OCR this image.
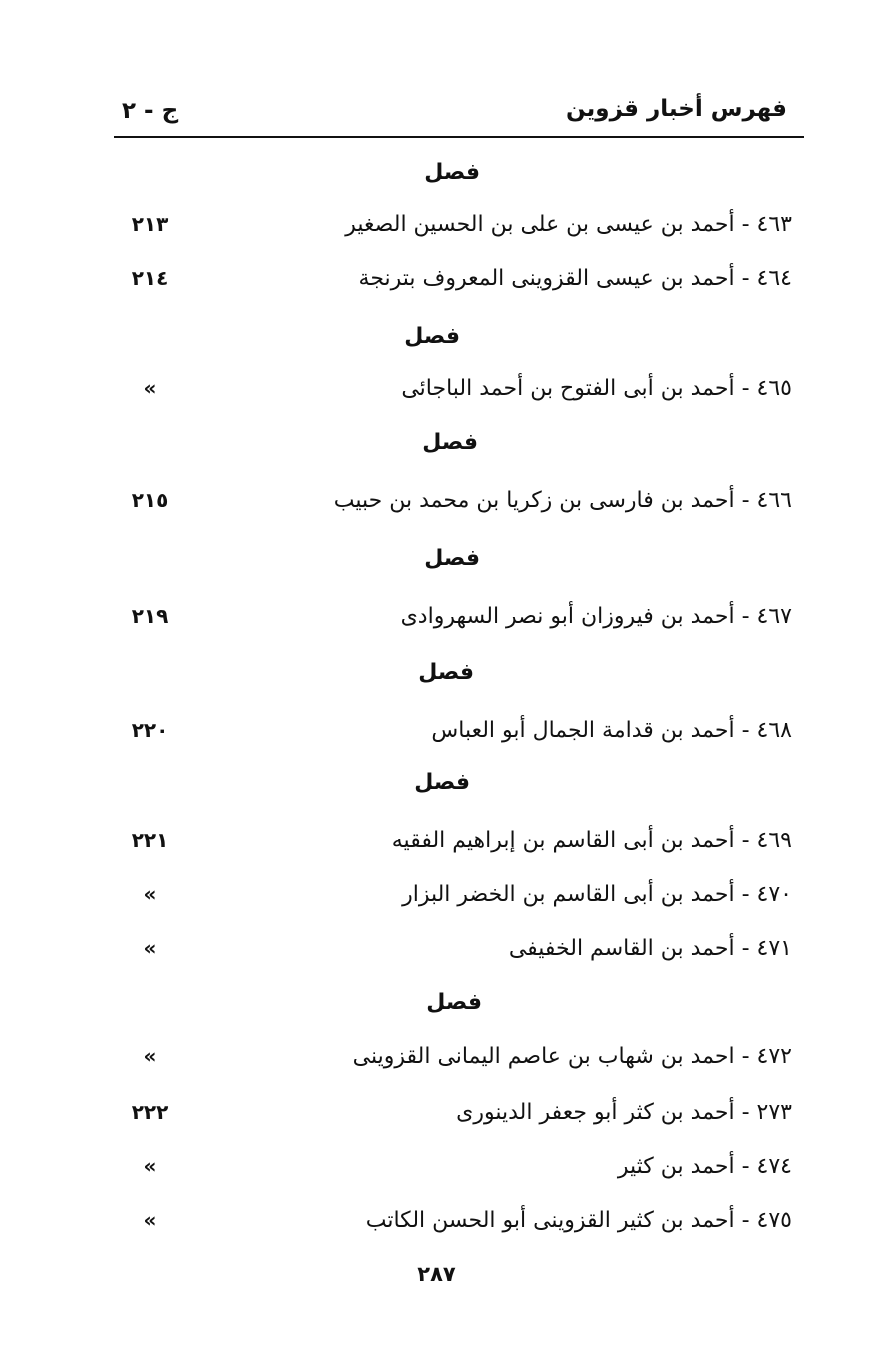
فهرس أخبار قزوين
ج - ٢
فصل
٤٦٣ - أحمد بن عيسى بن على بن الحسين الصغير
٢١٣
٤٦٤ - أحمد بن عيسى القزوينى المعروف بترنجة
٢١٤
فصل
٤٦٥ - أحمد بن أبى الفتوح بن أحمد الباجائى
»
فصل
٤٦٦ - أحمد بن فارسى بن زكريا بن محمد بن حبيب
٢١٥
فصل
٤٦٧ - أحمد بن فيروزان أبو نصر السهروادى
٢١٩
فصل
٤٦٨ - أحمد بن قدامة الجمال أبو العباس
٢٢٠
فصل
٤٦٩ - أحمد بن أبى القاسم بن إبراهيم الفقيه
٢٢١
٤٧٠ - أحمد بن أبى القاسم بن الخضر البزار
»
٤٧١ - أحمد بن القاسم الخفيفى
»
فصل
٤٧٢ - احمد بن شهاب بن عاصم اليمانى القزوينى
»
٢٧٣ - أحمد بن كثر أبو جعفر الدينورى
٢٢٢
٤٧٤ - أحمد بن كثير
»
٤٧٥ - أحمد بن كثير القزوينى أبو الحسن الكاتب
»
٢٨٧
